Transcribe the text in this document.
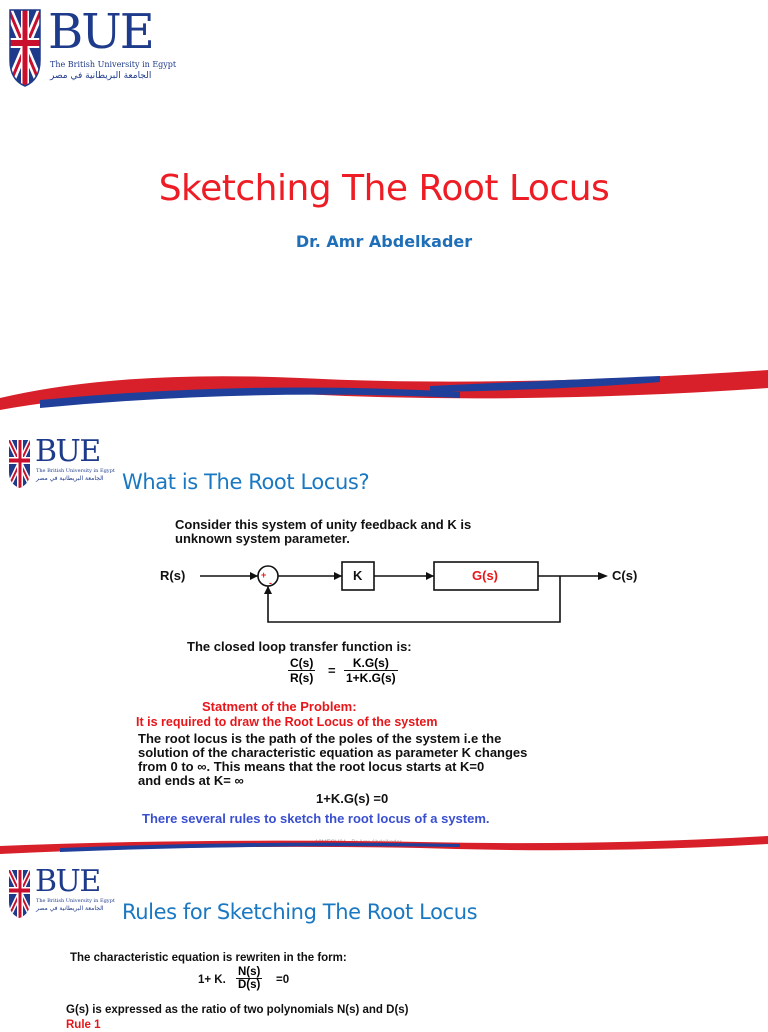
BUE
The British University in Egypt
الجامعة البريطانية في مصر
Sketching The Root Locus
Dr. Amr Abdelkader
BUE
The British University in Egypt
الجامعة البريطانية في مصر What is The Root Locus?
Consider this system of unity feedback and K is
unknown system parameter.
R(s)	+
-	K	G(s)	C(s)
The closed loop transfer function is:
$\frac{C(s)}{R(s)} = \frac{K.G(s)}{1+K.G(s)}$
Statment of the Problem:
It is required to draw the Root Locus of the system
The root locus is the path of the poles of the system i.e the
solution of the characteristic equation as parameter K changes
from 0 to ∞. This means that the root locus starts at K=0
and ends at K= ∞
1+K.G(s) =0
There several rules to sketch the root locus of a system.
BUE
The British University in Egypt
الجامعة البريطانية في مصر Rules for Sketching The Root Locus
The characteristic equation is rewriten in the form:
1+ K. $\frac{N(s)}{D(s)} =0$
G(s) is expressed as the ratio of two polynomials N(s) and D(s)
Rule 1
